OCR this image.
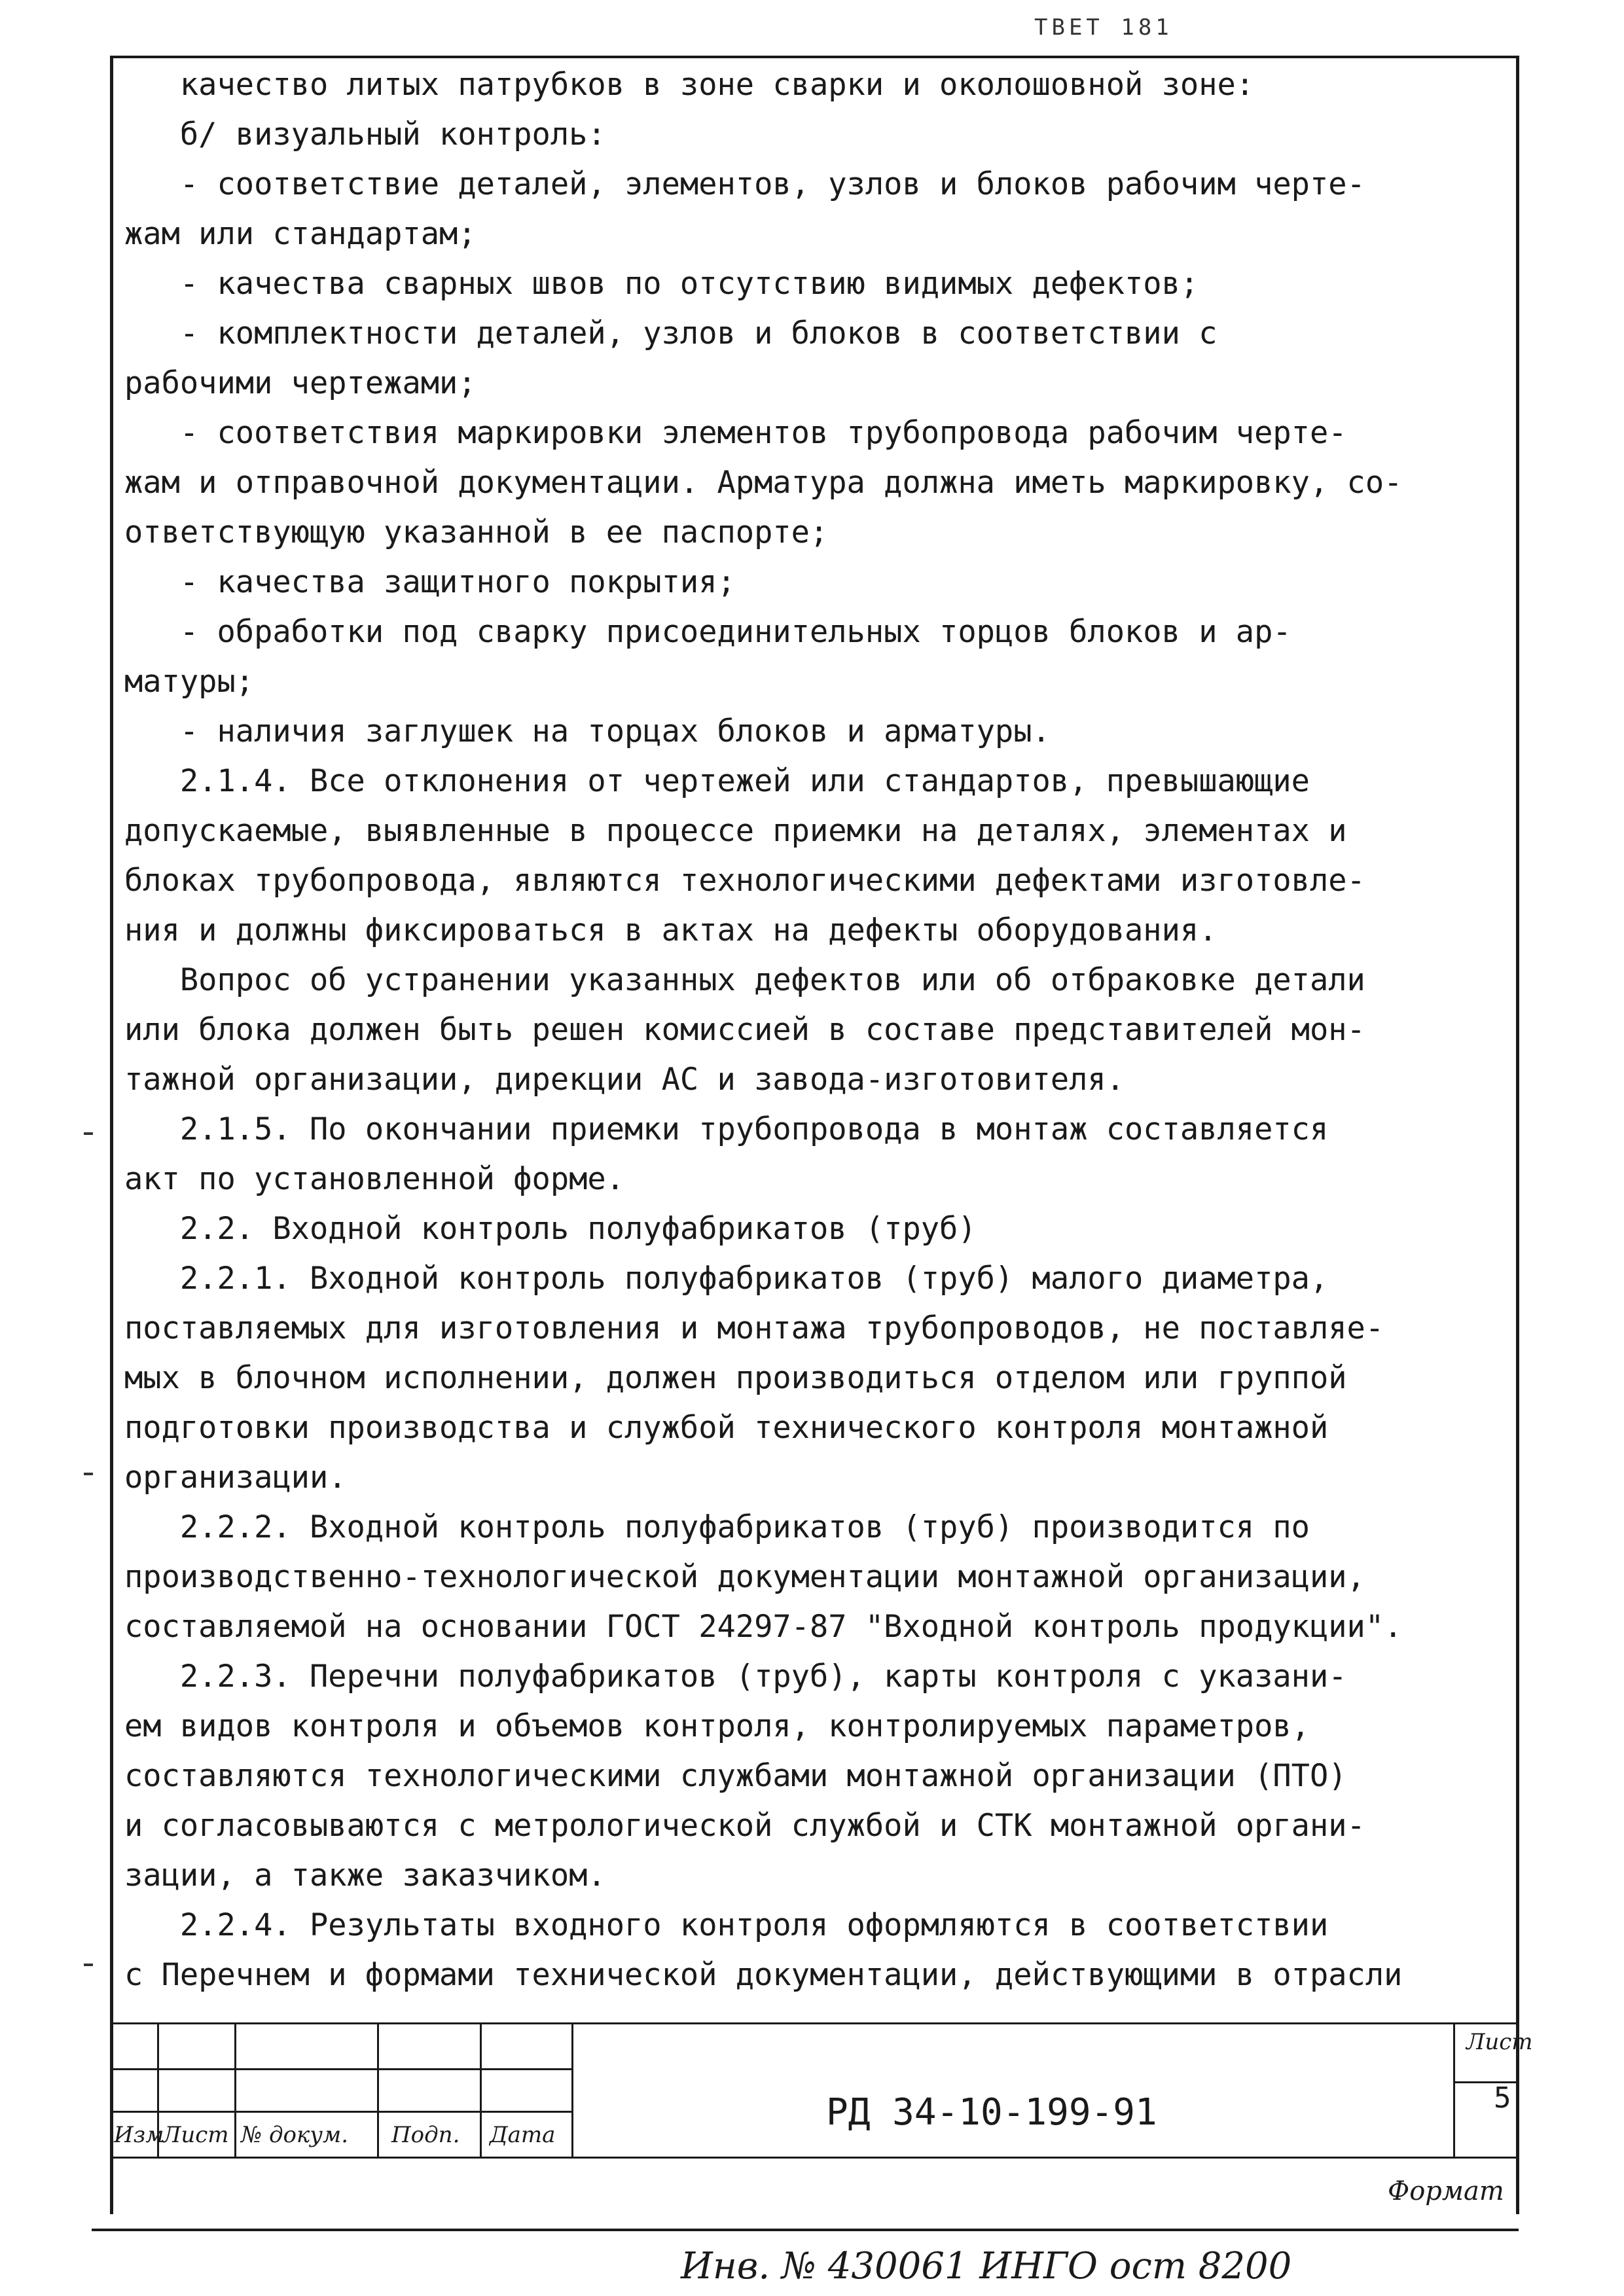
ТВЕТ 181
качество литых патрубков в зоне сварки и околошовной зоне:
б/ визуальный контроль:
- соответствие деталей, элементов, узлов и блоков рабочим черте-
жам или стандартам;
- качества сварных швов по отсутствию видимых дефектов;
- комплектности деталей, узлов и блоков в соответствии с
рабочими чертежами;
- соответствия маркировки элементов трубопровода рабочим черте-
жам и отправочной документации. Арматура должна иметь маркировку, со-
ответствующую указанной в ее паспорте;
- качества защитного покрытия;
- обработки под сварку присоединительных торцов блоков и ар-
матуры;
- наличия заглушек на торцах блоков и арматуры.
2.1.4. Все отклонения от чертежей или стандартов, превышающие
допускаемые, выявленные в процессе приемки на деталях, элементах и
блоках трубопровода, являются технологическими дефектами изготовле-
ния и должны фиксироваться в актах на дефекты оборудования.
Вопрос об устранении указанных дефектов или об отбраковке детали
или блока должен быть решен комиссией в составе представителей мон-
тажной организации, дирекции АС и завода-изготовителя.
2.1.5. По окончании приемки трубопровода в монтаж составляется
акт по установленной форме.
2.2. Входной контроль полуфабрикатов (труб)
2.2.1. Входной контроль полуфабрикатов (труб) малого диаметра,
поставляемых для изготовления и монтажа трубопроводов, не поставляе-
мых в блочном исполнении, должен производиться отделом или группой
подготовки производства и службой технического контроля монтажной
организации.
2.2.2. Входной контроль полуфабрикатов (труб) производится по
производственно-технологической документации монтажной организации,
составляемой на основании ГОСТ 24297-87 "Входной контроль продукции".
2.2.3. Перечни полуфабрикатов (труб), карты контроля с указани-
ем видов контроля и объемов контроля, контролируемых параметров,
составляются технологическими службами монтажной организации (ПТО)
и согласовываются с метрологической службой и СТК монтажной органи-
зации, а также заказчиком.
2.2.4. Результаты входного контроля оформляются в соответствии
с Перечнем и формами технической документации, действующими в отрасли
Изм
Лист № докум. Подп. Дата
РД 34-10-199-91
Лист
5
Формат
Инв. № 430061 ИНГО ост 8200
